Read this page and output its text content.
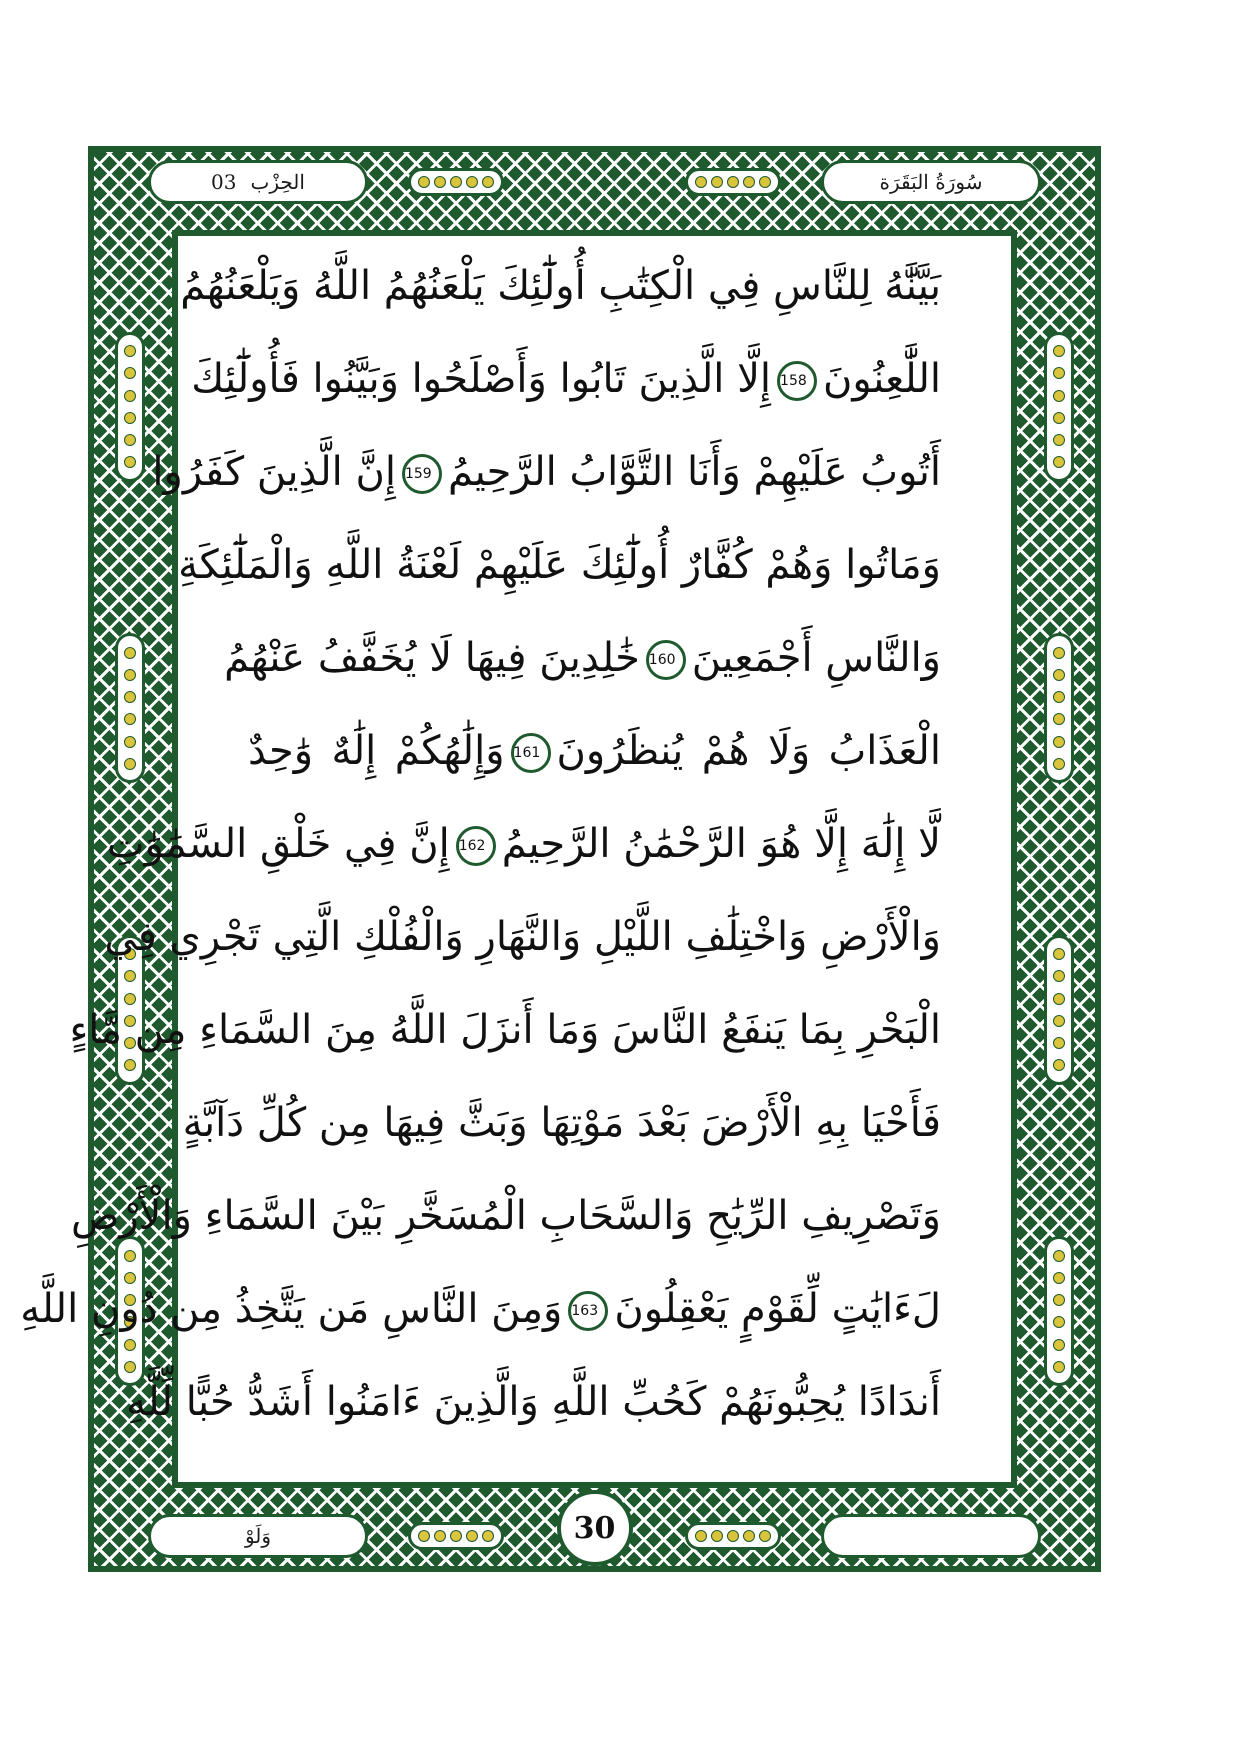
03 الحِزْب	سُورَةُ البَقَرَة
بَيَّنَّٰهُ لِلنَّاسِ فِي الْكِتَٰبِ أُولَٰٓئِكَ يَلْعَنُهُمُ اللَّهُ وَيَلْعَنُهُمُ
اللَّٰعِنُونَ158إِلَّا الَّذِينَ تَابُوا وَأَصْلَحُوا وَبَيَّنُوا فَأُولَٰٓئِكَ
أَتُوبُ عَلَيْهِمْ وَأَنَا التَّوَّابُ الرَّحِيمُ159إِنَّ الَّذِينَ كَفَرُوا
وَمَاتُوا وَهُمْ كُفَّارٌ أُولَٰٓئِكَ عَلَيْهِمْ لَعْنَةُ اللَّهِ وَالْمَلَٰٓئِكَةِ
وَالنَّاسِ أَجْمَعِينَ160خَٰلِدِينَ فِيهَا لَا يُخَفَّفُ عَنْهُمُ
الْعَذَابُ وَلَا هُمْ يُنظَرُونَ161وَإِلَٰهُكُمْ إِلَٰهٌ وَٰحِدٌ
لَّا إِلَٰهَ إِلَّا هُوَ الرَّحْمَٰنُ الرَّحِيمُ162إِنَّ فِي خَلْقِ السَّمَٰوَٰتِ
وَالْأَرْضِ وَاخْتِلَٰفِ اللَّيْلِ وَالنَّهَارِ وَالْفُلْكِ الَّتِي تَجْرِي فِي
الْبَحْرِ بِمَا يَنفَعُ النَّاسَ وَمَا أَنزَلَ اللَّهُ مِنَ السَّمَاءِ مِن مَّاءٍ
فَأَحْيَا بِهِ الْأَرْضَ بَعْدَ مَوْتِهَا وَبَثَّ فِيهَا مِن كُلِّ دَآبَّةٍ
وَتَصْرِيفِ الرِّيَٰحِ وَالسَّحَابِ الْمُسَخَّرِ بَيْنَ السَّمَاءِ وَالْأَرْضِ
لَءَايَٰتٍ لِّقَوْمٍ يَعْقِلُونَ163وَمِنَ النَّاسِ مَن يَتَّخِذُ مِن دُونِ اللَّهِ
أَندَادًا يُحِبُّونَهُمْ كَحُبِّ اللَّهِ وَالَّذِينَ ءَامَنُوا أَشَدُّ حُبًّا لِّلَّهِ
وَلَوْ	30
